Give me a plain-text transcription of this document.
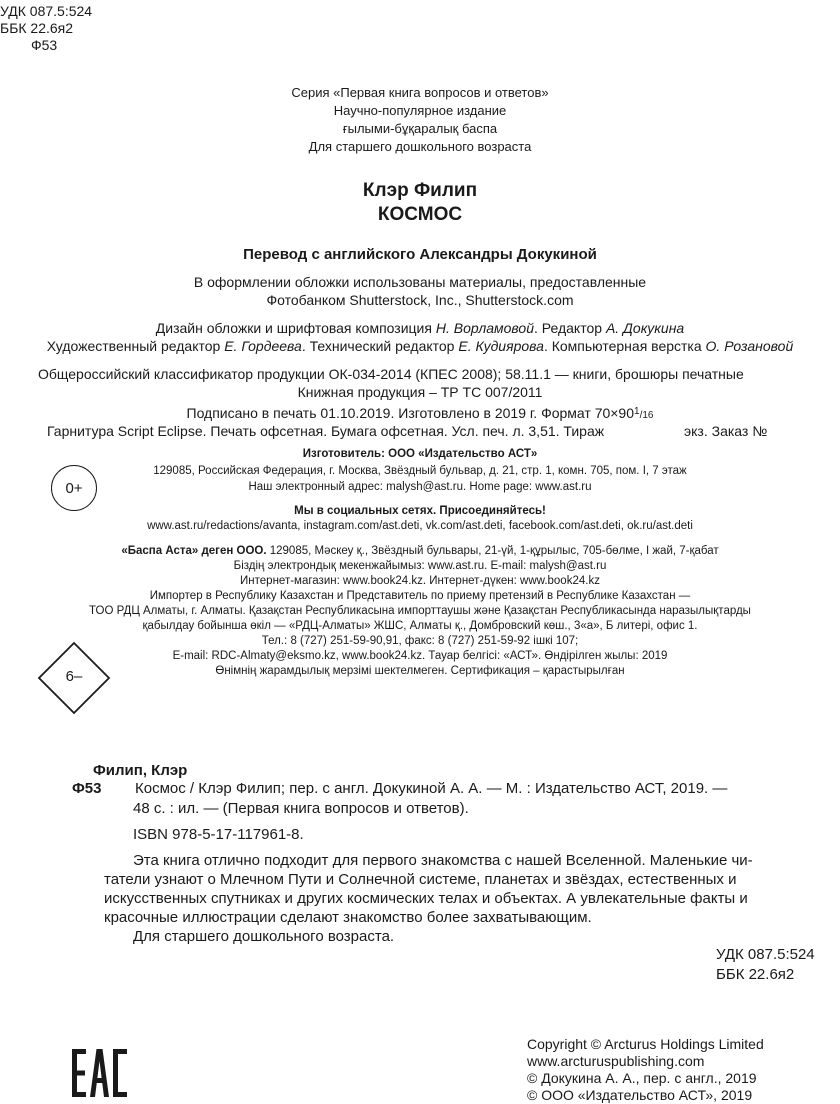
УДК 087.5:524
ББК 22.6я2
Ф53
Серия «Первая книга вопросов и ответов»
Научно-популярное издание
ғылыми-бұқаралық баспа
Для старшего дошкольного возраста
Клэр Филип
КОСМОС
Перевод с английского Александры Докукиной
В оформлении обложки использованы материалы, предоставленные
Фотобанком Shutterstock, Inc., Shutterstock.com
Дизайн обложки и шрифтовая композиция Н. Ворламовой. Редактор А. Докукина
Художественный редактор Е. Гордеева. Технический редактор Е. Кудиярова. Компьютерная верстка О. Розановой
Общероссийский классификатор продукции ОК-034-2014 (КПЕС 2008); 58.11.1 — книги, брошюры печатные
Книжная продукция – ТР ТС 007/2011
Подписано в печать 01.10.2019. Изготовлено в 2019 г. Формат $70\times 90^1/16$
Гарнитура Script Eclipse. Печать офсетная. Бумага офсетная. Усл. печ. л. 3,51. Тираж	экз. Заказ №
0+
Изготовитель: ООО «Издательство АСТ»
129085, Российская Федерация, г. Москва, Звёздный бульвар, д. 21, стр. 1, комн. 705, пом. I, 7 этаж
Наш электронный адрес: malysh@ast.ru. Home page: www.ast.ru
Мы в социальных сетях. Присоединяйтесь!
www.ast.ru/redactions/avanta, instagram.com/ast.deti, vk.com/ast.deti, facebook.com/ast.deti, ok.ru/ast.deti
«Баспа Аста» деген ООО. 129085, Мәскеу қ., Звёздный бульвары, 21-үй, 1-құрылыс, 705-бөлме, I жай, 7-қабат
Біздің электрондық мекенжайымыз: www.ast.ru. E-mail: malysh@ast.ru
Интернет-магазин: www.book24.kz. Интернет-дүкен: www.book24.kz
Импортер в Республику Казахстан и Представитель по приему претензий в Республике Казахстан —
ТОО РДЦ Алматы, г. Алматы. Қазақстан Республикасына импорттаушы және Қазақстан Республикасында наразылықтарды
қабылдау бойынша өкіл — «РДЦ-Алматы» ЖШС, Алматы қ., Домбровский көш., 3«а», Б литері, офис 1.
Тел.: 8 (727) 251-59-90,91, факс: 8 (727) 251-59-92 ішкі 107;
E-mail: RDC-Almaty@eksmo.kz, www.book24.kz. Тауар белгісі: «АСТ». Өндірілген жылы: 2019
Өнімнің жарамдылық мерзімі шектелмеген. Сертификация – қарастырылған
6–
Филип, Клэр
Ф53 Космос / Клэр Филип; пер. с англ. Докукиной А. А. — М. : Издательство АСТ, 2019. —
48 с. : ил. — (Первая книга вопросов и ответов).
ISBN 978-5-17-117961-8.
Эта книга отлично подходит для первого знакомства с нашей Вселенной. Маленькие чи-
татели узнают о Млечном Пути и Солнечной системе, планетах и звёздах, естественных и
искусственных спутниках и других космических телах и объектах. А увлекательные факты и
красочные иллюстрации сделают знакомство более захватывающим.
Для старшего дошкольного возраста.
УДК 087.5:524
ББК 22.6я2
Copyright © Arcturus Holdings Limited
www.arcturuspublishing.com
© Докукина А. А., пер. с англ., 2019
© ООО «Издательство АСТ», 2019
